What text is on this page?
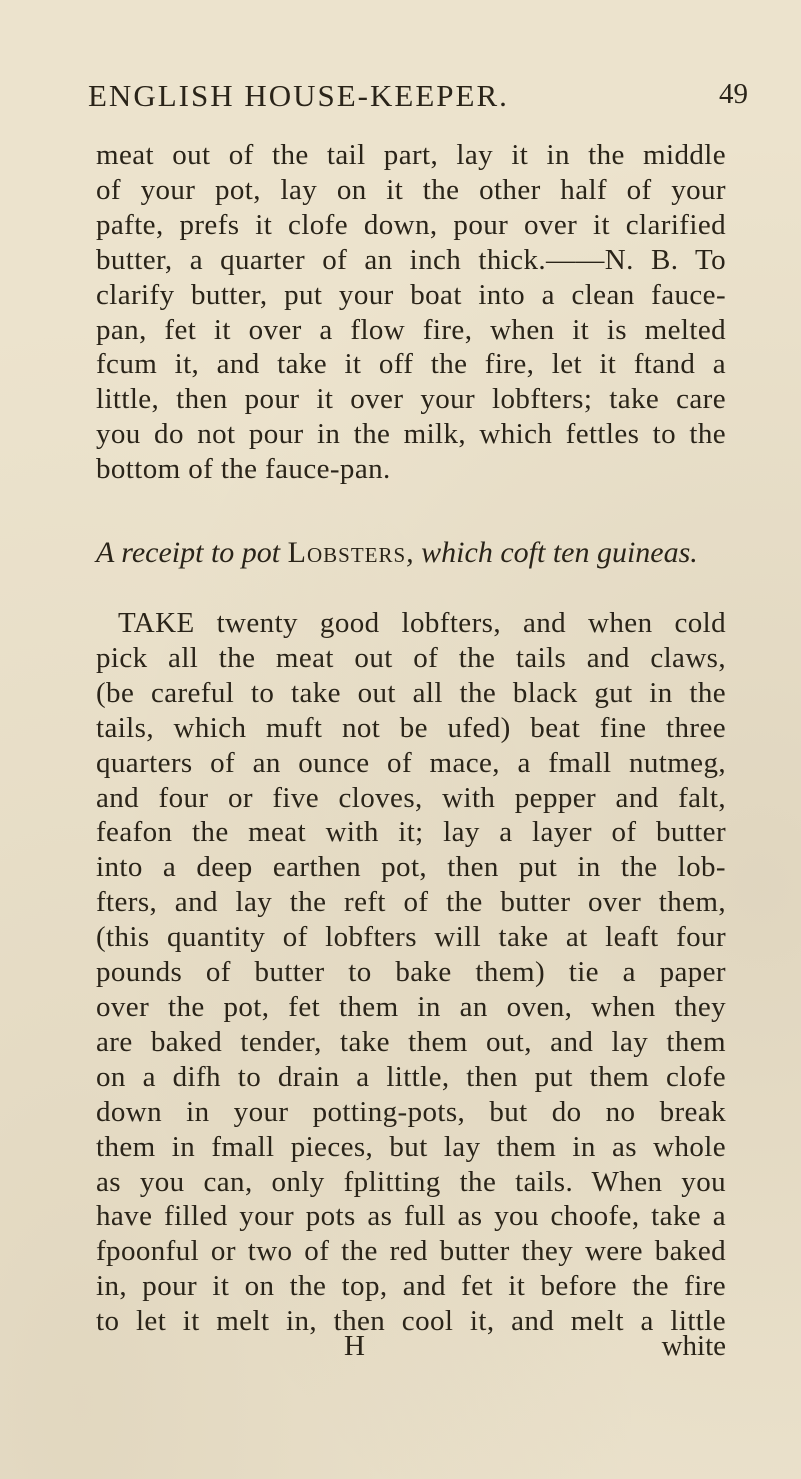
ENGLISH HOUSE-KEEPER.	49
meat out of the tail part, lay it in the middle
of your pot, lay on it the other half of your
pafte, prefs it clofe down, pour over it clarified
butter, a quarter of an inch thick.——N. B. To
clarify butter, put your boat into a clean fauce-
pan, fet it over a flow fire, when it is melted
fcum it, and take it off the fire, let it ftand a
little, then pour it over your lobfters; take care
you do not pour in the milk, which fettles to the
bottom of the fauce-pan.
A receipt to pot Lobsters, which coft ten guineas.
TAKE twenty good lobfters, and when cold
pick all the meat out of the tails and claws,
(be careful to take out all the black gut in the
tails, which muft not be ufed) beat fine three
quarters of an ounce of mace, a fmall nutmeg,
and four or five cloves, with pepper and falt,
feafon the meat with it; lay a layer of butter
into a deep earthen pot, then put in the lob-
fters, and lay the reft of the butter over them,
(this quantity of lobfters will take at leaft four
pounds of butter to bake them) tie a paper
over the pot, fet them in an oven, when they
are baked tender, take them out, and lay them
on a difh to drain a little, then put them clofe
down in your potting-pots, but do no break
them in fmall pieces, but lay them in as whole
as you can, only fplitting the tails. When you
have filled your pots as full as you choofe, take a
fpoonful or two of the red butter they were baked
in, pour it on the top, and fet it before the fire
to let it melt in, then cool it, and melt a little
H	white
